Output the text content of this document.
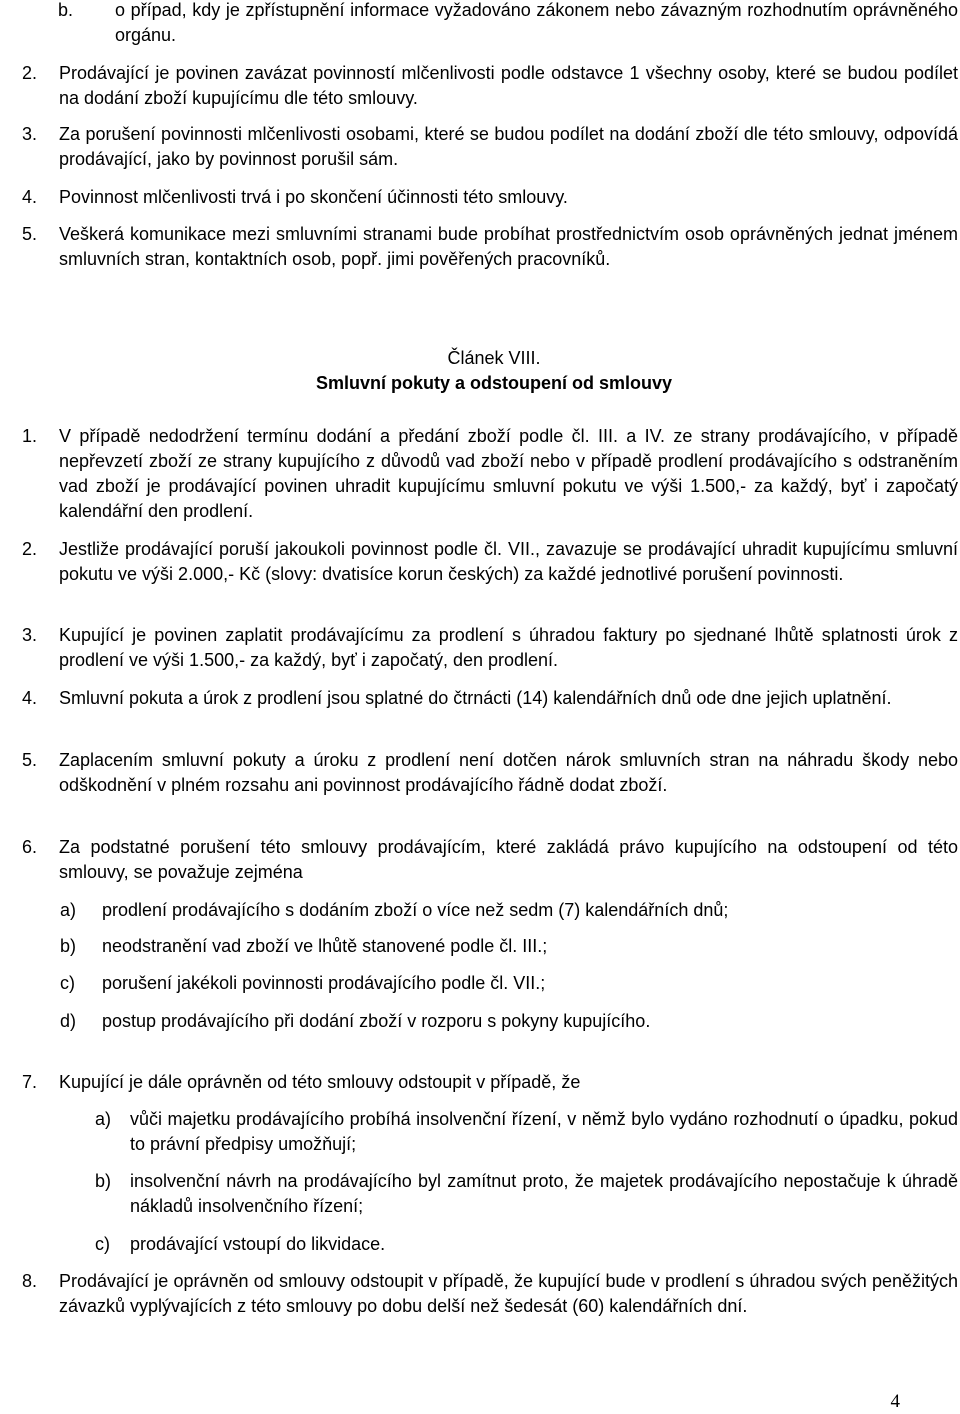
b. o případ, kdy je zpřístupnění informace vyžadováno zákonem nebo závazným rozhodnutím oprávněného orgánu.
2. Prodávající je povinen zavázat povinností mlčenlivosti podle odstavce 1 všechny osoby, které se budou podílet na dodání zboží kupujícímu dle této smlouvy.
3. Za porušení povinnosti mlčenlivosti osobami, které se budou podílet na dodání zboží dle této smlouvy, odpovídá prodávající, jako by povinnost porušil sám.
4. Povinnost mlčenlivosti trvá i po skončení účinnosti této smlouvy.
5. Veškerá komunikace mezi smluvními stranami bude probíhat prostřednictvím osob oprávněných jednat jménem smluvních stran, kontaktních osob, popř. jimi pověřených pracovníků.
Článek VIII.
Smluvní pokuty a odstoupení od smlouvy
1. V případě nedodržení termínu dodání a předání zboží podle čl. III. a IV. ze strany prodávajícího, v případě nepřevzetí zboží ze strany kupujícího z důvodů vad zboží nebo v případě prodlení prodávajícího s odstraněním vad zboží je prodávající povinen uhradit kupujícímu smluvní pokutu ve výši 1.500,- za každý, byť i započatý kalendářní den prodlení.
2. Jestliže prodávající poruší jakoukoli povinnost podle čl. VII., zavazuje se prodávající uhradit kupujícímu smluvní pokutu ve výši 2.000,- Kč (slovy: dvatisíce korun českých) za každé jednotlivé porušení povinnosti.
3. Kupující je povinen zaplatit prodávajícímu za prodlení s úhradou faktury po sjednané lhůtě splatnosti úrok z prodlení ve výši 1.500,- za každý, byť i započatý, den prodlení.
4. Smluvní pokuta a úrok z prodlení jsou splatné do čtrnácti (14) kalendářních dnů ode dne jejich uplatnění.
5. Zaplacením smluvní pokuty a úroku z prodlení není dotčen nárok smluvních stran na náhradu škody nebo odškodnění v plném rozsahu ani povinnost prodávajícího řádně dodat zboží.
6. Za podstatné porušení této smlouvy prodávajícím, které zakládá právo kupujícího na odstoupení od této smlouvy, se považuje zejména
a) prodlení prodávajícího s dodáním zboží o více než sedm (7) kalendářních dnů;
b) neodstranění vad zboží ve lhůtě stanovené podle čl. III.;
c) porušení jakékoli povinnosti prodávajícího podle čl. VII.;
d) postup prodávajícího při dodání zboží v rozporu s pokyny kupujícího.
7. Kupující je dále oprávněn od této smlouvy odstoupit v případě, že
a) vůči majetku prodávajícího probíhá insolvenční řízení, v němž bylo vydáno rozhodnutí o úpadku, pokud to právní předpisy umožňují;
b) insolvenční návrh na prodávajícího byl zamítnut proto, že majetek prodávajícího nepostačuje k úhradě nákladů insolvenčního řízení;
c) prodávající vstoupí do likvidace.
8. Prodávající je oprávněn od smlouvy odstoupit v případě, že kupující bude v prodlení s úhradou svých peněžitých závazků vyplývajících z této smlouvy po dobu delší než šedesát (60) kalendářních dní.
4
